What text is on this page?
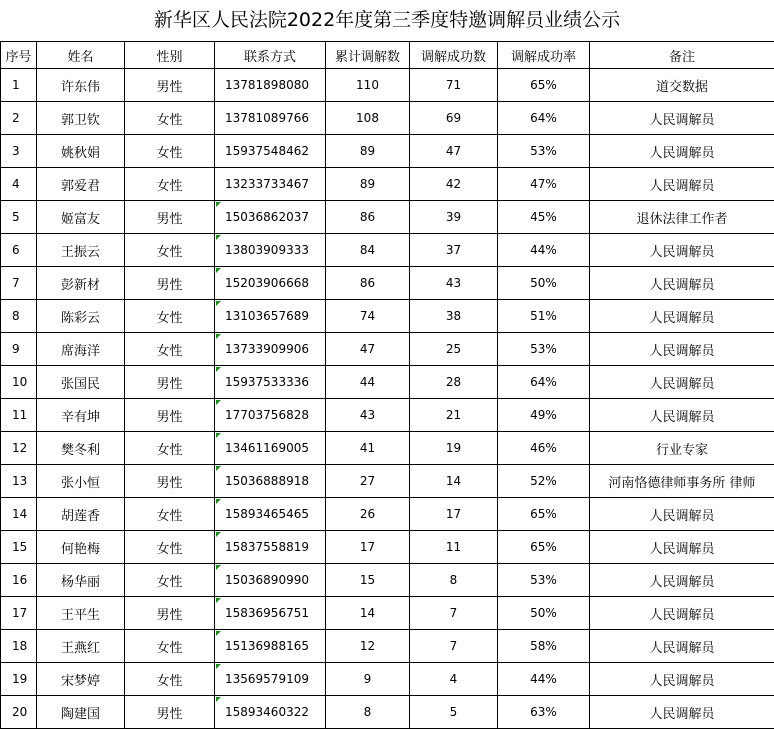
新华区人民法院2022年度第三季度特邀调解员业绩公示
序号	姓名	性别	联系方式	累计调解数	调解成功数	调解成功率	备注
1	许东伟	男性	13781898080	110	71	65%	道交数据
2	郭卫钦	女性	13781089766	108	69	64%	人民调解员
3	姚秋娟	女性	15937548462	89	47	53%	人民调解员
4	郭爱君	女性	13233733467	89	42	47%	人民调解员
5	姬富友	男性	15036862037	86	39	45%	退休法律工作者
6	王振云	女性	13803909333	84	37	44%	人民调解员
7	彭新材	男性	15203906668	86	43	50%	人民调解员
8	陈彩云	女性	13103657689	74	38	51%	人民调解员
9	席海洋	女性	13733909906	47	25	53%	人民调解员
10	张国民	男性	15937533336	44	28	64%	人民调解员
11	辛有坤	男性	17703756828	43	21	49%	人民调解员
12	樊冬利	女性	13461169005	41	19	46%	行业专家
13	张小恒	男性	15036888918	27	14	52%	河南恪德律师事务所 律师
14	胡莲香	女性	15893465465	26	17	65%	人民调解员
15	何艳梅	女性	15837558819	17	11	65%	人民调解员
16	杨华丽	女性	15036890990	15	8	53%	人民调解员
17	王平生	男性	15836956751	14	7	50%	人民调解员
18	王燕红	女性	15136988165	12	7	58%	人民调解员
19	宋梦婷	女性	13569579109	9	4	44%	人民调解员
20	陶建国	男性	15893460322	8	5	63%	人民调解员
